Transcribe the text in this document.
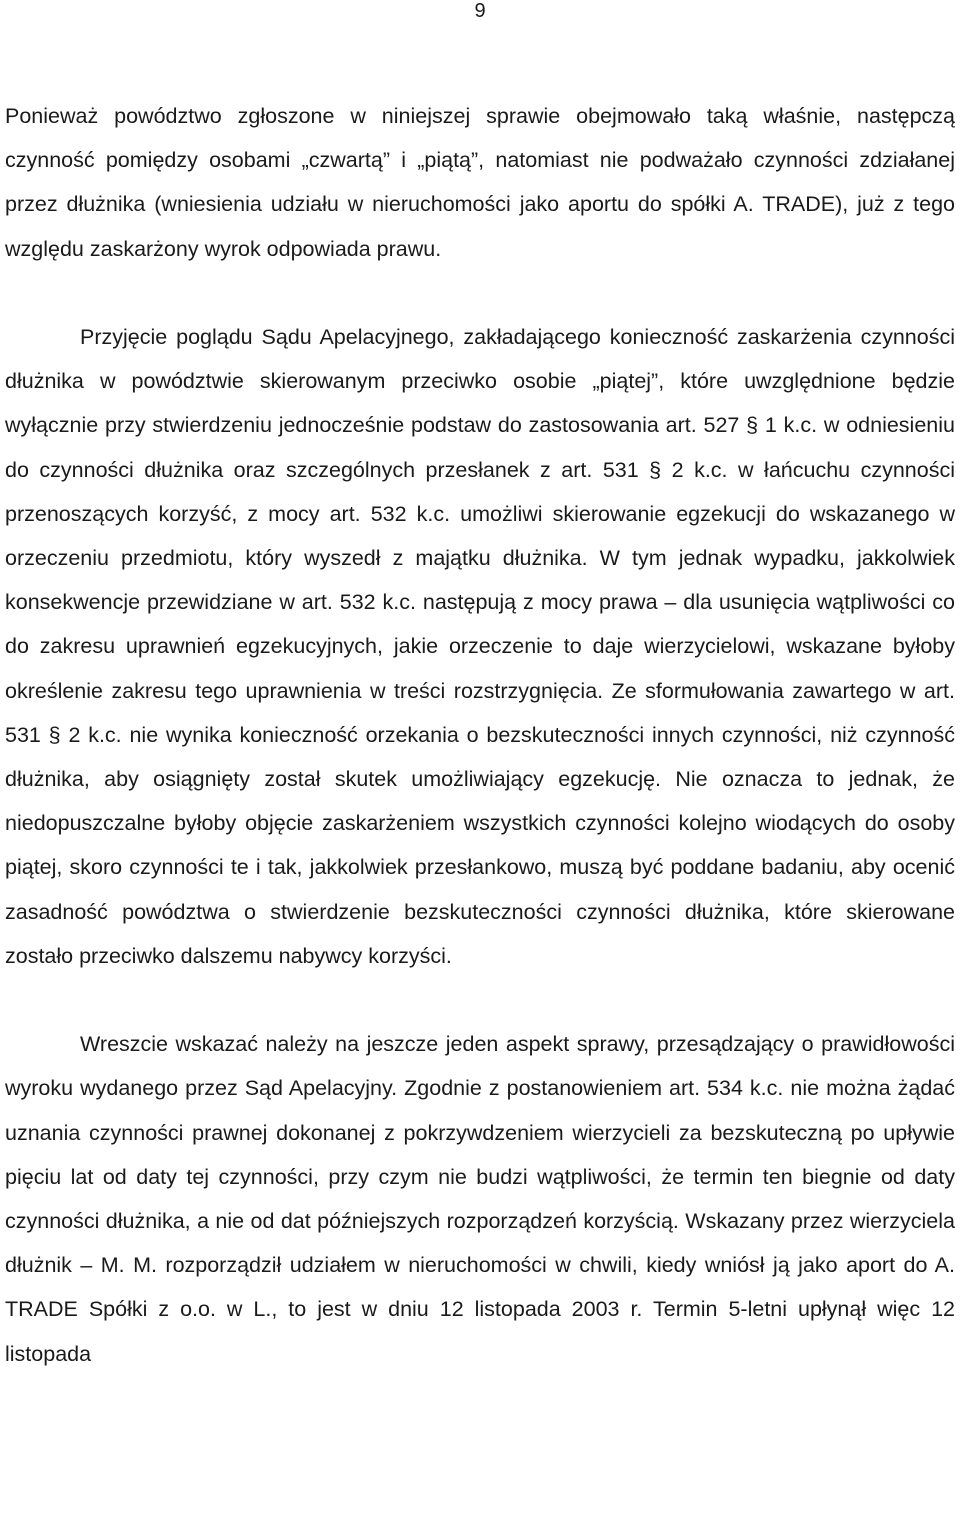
9

Ponieważ powództwo zgłoszone w niniejszej sprawie obejmowało taką właśnie, następczą czynność pomiędzy osobami „czwartą” i „piątą”, natomiast nie podważało czynności zdziałanej przez dłużnika (wniesienia udziału w nieruchomości jako aportu do spółki A. TRADE), już z tego względu zaskarżony wyrok odpowiada prawu.

Przyjęcie poglądu Sądu Apelacyjnego, zakładającego konieczność zaskarżenia czynności dłużnika w powództwie skierowanym przeciwko osobie „piątej”, które uwzględnione będzie wyłącznie przy stwierdzeniu jednocześnie podstaw do zastosowania art. 527 § 1 k.c. w odniesieniu do czynności dłużnika oraz szczególnych przesłanek z art. 531 § 2 k.c. w łańcuchu czynności przenoszących korzyść, z mocy art. 532 k.c. umożliwi skierowanie egzekucji do wskazanego w orzeczeniu przedmiotu, który wyszedł z majątku dłużnika. W tym jednak wypadku, jakkolwiek konsekwencje przewidziane w art. 532 k.c. następują z mocy prawa – dla usunięcia wątpliwości co do zakresu uprawnień egzekucyjnych, jakie orzeczenie to daje wierzycielowi, wskazane byłoby określenie zakresu tego uprawnienia w treści rozstrzygnięcia. Ze sformułowania zawartego w art. 531 § 2 k.c. nie wynika konieczność orzekania o bezskuteczności innych czynności, niż czynność dłużnika, aby osiągnięty został skutek umożliwiający egzekucję. Nie oznacza to jednak, że niedopuszczalne byłoby objęcie zaskarżeniem wszystkich czynności kolejno wiodących do osoby piątej, skoro czynności te i tak, jakkolwiek przesłankowo, muszą być poddane badaniu, aby ocenić zasadność powództwa o stwierdzenie bezskuteczności czynności dłużnika, które skierowane zostało przeciwko dalszemu nabywcy korzyści.

Wreszcie wskazać należy na jeszcze jeden aspekt sprawy, przesądzający o prawidłowości wyroku wydanego przez Sąd Apelacyjny. Zgodnie z postanowieniem art. 534 k.c. nie można żądać uznania czynności prawnej dokonanej z pokrzywdzeniem wierzycieli za bezskuteczną po upływie pięciu lat od daty tej czynności, przy czym nie budzi wątpliwości, że termin ten biegnie od daty czynności dłużnika, a nie od dat późniejszych rozporządzeń korzyścią. Wskazany przez wierzyciela dłużnik – M. M. rozporządził udziałem w nieruchomości w chwili, kiedy wniósł ją jako aport do A. TRADE Spółki z o.o. w L., to jest w dniu 12 listopada 2003 r. Termin 5-letni upłynął więc 12 listopada
